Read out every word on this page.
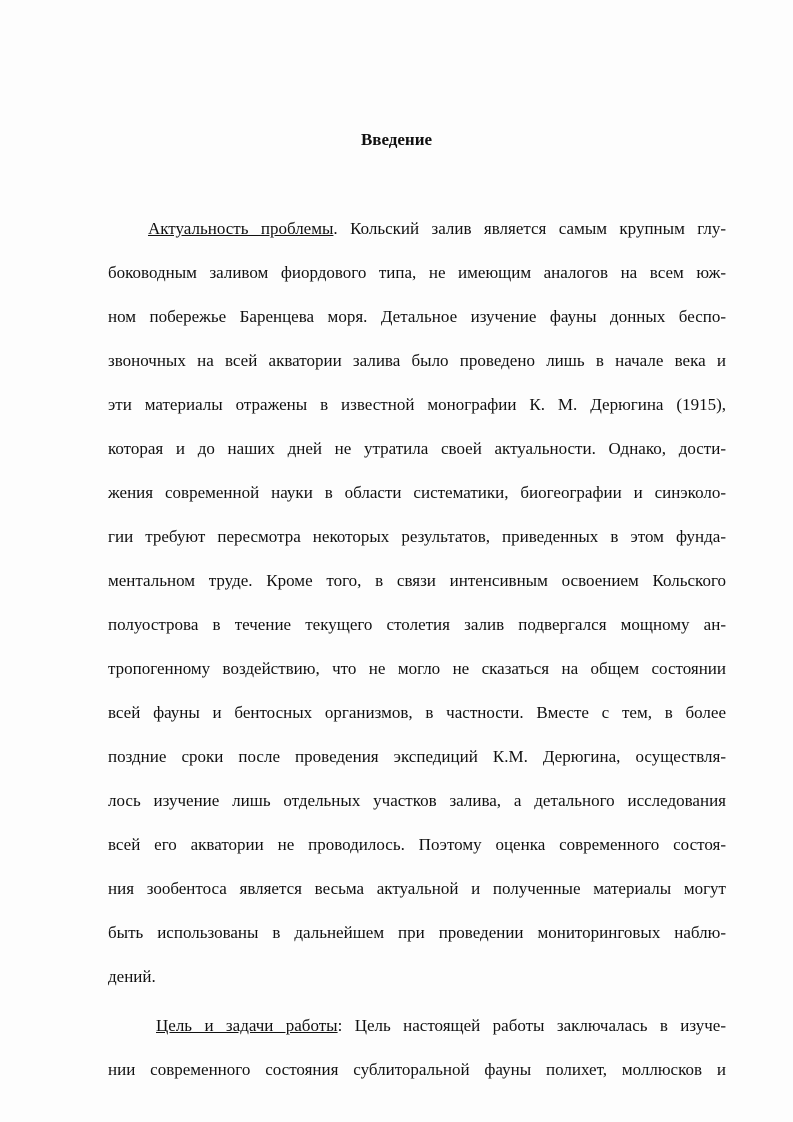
Введение
Актуальность проблемы. Кольский залив является самым крупным глу-
боководным заливом фиордового типа, не имеющим аналогов на всем юж-
ном побережье Баренцева моря. Детальное изучение фауны донных беспо-
звоночных на всей акватории залива было проведено лишь в начале века и
эти материалы отражены в известной монографии К. М. Дерюгина (1915),
которая и до наших дней не утратила своей актуальности. Однако, дости-
жения современной науки в области систематики, биогеографии и синэколо-
гии требуют пересмотра некоторых результатов, приведенных в этом фунда-
ментальном труде. Кроме того, в связи интенсивным освоением Кольского
полуострова в течение текущего столетия залив подвергался мощному ан-
тропогенному воздействию, что не могло не сказаться на общем состоянии
всей фауны и бентосных организмов, в частности. Вместе с тем, в более
поздние сроки после проведения экспедиций К.М. Дерюгина, осуществля-
лось изучение лишь отдельных участков залива, а детального исследования
всей его акватории не проводилось. Поэтому оценка современного состоя-
ния зообентоса является весьма актуальной и полученные материалы могут
быть использованы в дальнейшем при проведении мониторинговых наблю-
дений.
Цель и задачи работы: Цель настоящей работы заключалась в изуче-
нии современного состояния сублиторальной фауны полихет, моллюсков и
